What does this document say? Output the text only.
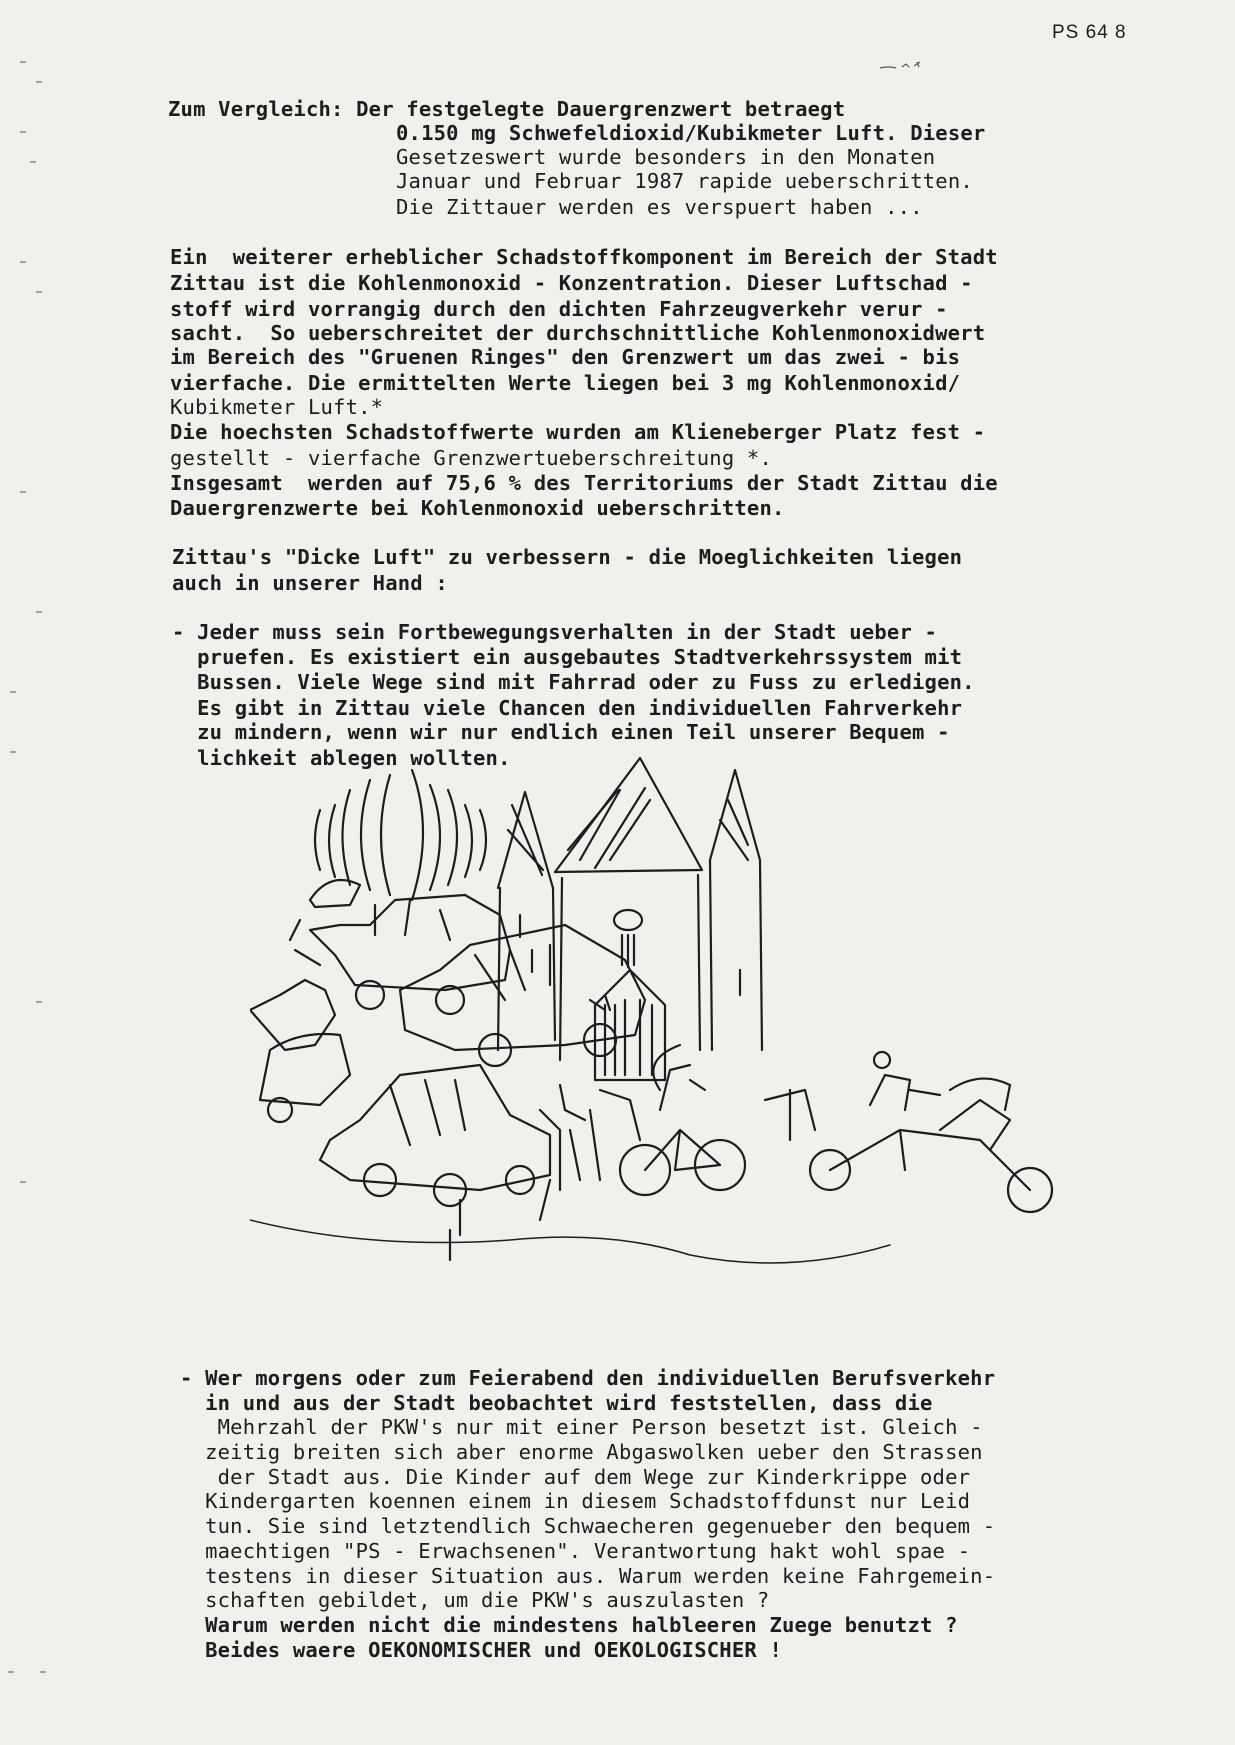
PS 64 8
Zum Vergleich: Der festgelegte Dauergrenzwert betraegt
0.150 mg Schwefeldioxid/Kubikmeter Luft. Dieser
Gesetzeswert wurde besonders in den Monaten
Januar und Februar 1987 rapide ueberschritten.
Die Zittauer werden es verspuert haben ...
Ein  weiterer erheblicher Schadstoffkomponent im Bereich der Stadt
Zittau ist die Kohlenmonoxid - Konzentration. Dieser Luftschad -
stoff wird vorrangig durch den dichten Fahrzeugverkehr verur -
sacht.  So ueberschreitet der durchschnittliche Kohlenmonoxidwert
im Bereich des "Gruenen Ringes" den Grenzwert um das zwei - bis
vierfache. Die ermittelten Werte liegen bei 3 mg Kohlenmonoxid/
Kubikmeter Luft.*
Die hoechsten Schadstoffwerte wurden am Klieneberger Platz fest -
gestellt - vierfache Grenzwertueberschreitung *.
Insgesamt  werden auf 75,6 % des Territoriums der Stadt Zittau die
Dauergrenzwerte bei Kohlenmonoxid ueberschritten.
Zittau's "Dicke Luft" zu verbessern - die Moeglichkeiten liegen
auch in unserer Hand :
- Jeder muss sein Fortbewegungsverhalten in der Stadt ueber -
pruefen. Es existiert ein ausgebautes Stadtverkehrssystem mit
Bussen. Viele Wege sind mit Fahrrad oder zu Fuss zu erledigen.
Es gibt in Zittau viele Chancen den individuellen Fahrverkehr
zu mindern, wenn wir nur endlich einen Teil unserer Bequem -
lichkeit ablegen wollten.
- Wer morgens oder zum Feierabend den individuellen Berufsverkehr
in und aus der Stadt beobachtet wird feststellen, dass die
Mehrzahl der PKW's nur mit einer Person besetzt ist. Gleich -
zeitig breiten sich aber enorme Abgaswolken ueber den Strassen
der Stadt aus. Die Kinder auf dem Wege zur Kinderkrippe oder
Kindergarten koennen einem in diesem Schadstoffdunst nur Leid
tun. Sie sind letztendlich Schwaecheren gegenueber den bequem -
maechtigen "PS - Erwachsenen". Verantwortung hakt wohl spae -
testens in dieser Situation aus. Warum werden keine Fahrgemein-
schaften gebildet, um die PKW's auszulasten ?
Warum werden nicht die mindestens halbleeren Zuege benutzt ?
Beides waere OEKONOMISCHER und OEKOLOGISCHER !
